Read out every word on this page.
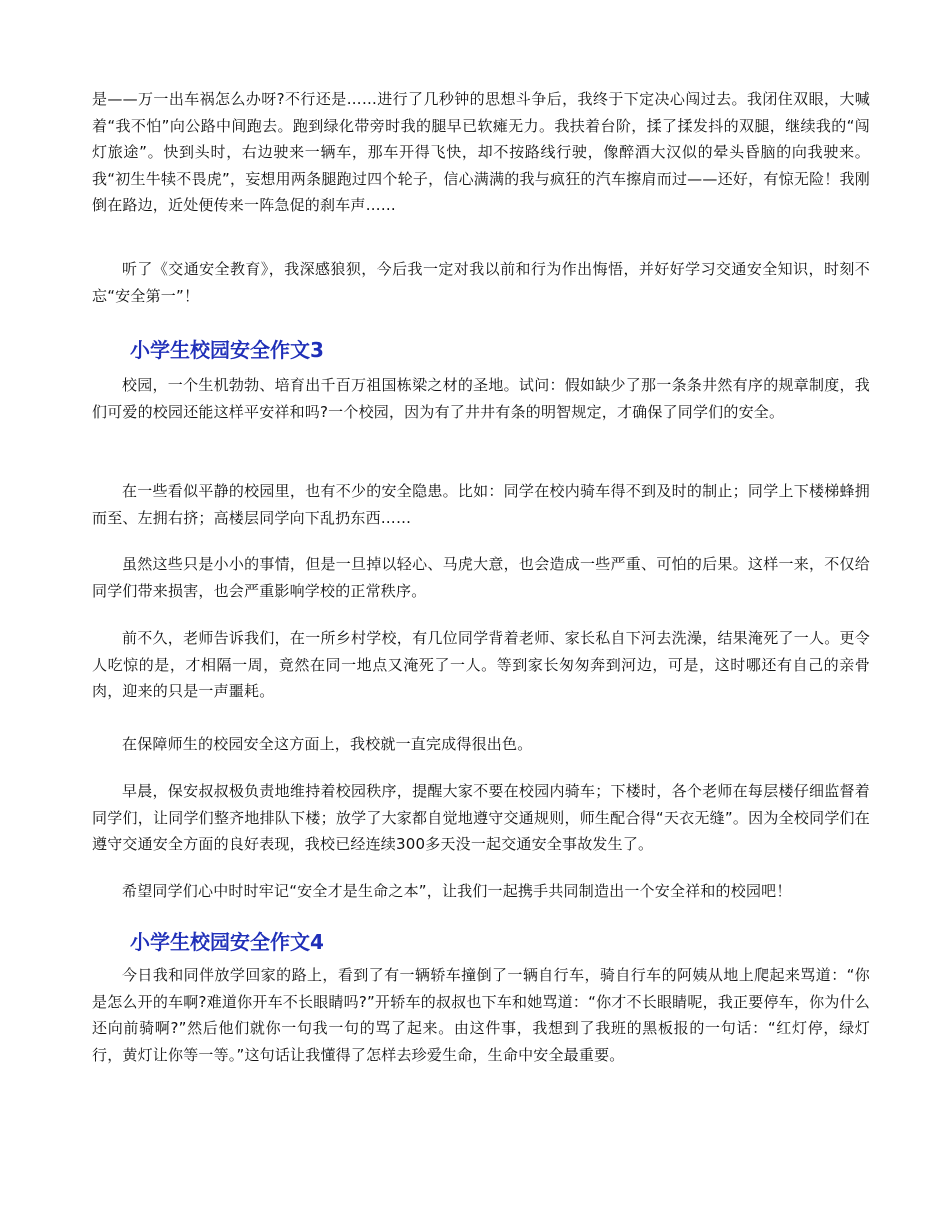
是——万一出车祸怎么办呀?不行还是……进行了几秒钟的思想斗争后，我终于下定决心闯过去。我闭住双眼，大喊着“我不怕”向公路中间跑去。跑到绿化带旁时我的腿早已软瘫无力。我扶着台阶，揉了揉发抖的双腿，继续我的“闯灯旅途”。快到头时，右边驶来一辆车，那车开得飞快，却不按路线行驶，像醉酒大汉似的晕头昏脑的向我驶来。我“初生牛犊不畏虎”，妄想用两条腿跑过四个轮子，信心满满的我与疯狂的汽车擦肩而过——还好，有惊无险！我刚倒在路边，近处便传来一阵急促的刹车声……

听了《交通安全教育》，我深感狼狈，今后我一定对我以前和行为作出悔悟，并好好学习交通安全知识，时刻不忘“安全第一”！

小学生校园安全作文3

校园，一个生机勃勃、培育出千百万祖国栋梁之材的圣地。试问：假如缺少了那一条条井然有序的规章制度，我们可爱的校园还能这样平安祥和吗?一个校园，因为有了井井有条的明智规定，才确保了同学们的安全。

在一些看似平静的校园里，也有不少的安全隐患。比如：同学在校内骑车得不到及时的制止；同学上下楼梯蜂拥而至、左拥右挤；高楼层同学向下乱扔东西……

虽然这些只是小小的事情，但是一旦掉以轻心、马虎大意，也会造成一些严重、可怕的后果。这样一来，不仅给同学们带来损害，也会严重影响学校的正常秩序。

前不久，老师告诉我们，在一所乡村学校，有几位同学背着老师、家长私自下河去洗澡，结果淹死了一人。更令人吃惊的是，才相隔一周，竟然在同一地点又淹死了一人。等到家长匆匆奔到河边，可是，这时哪还有自己的亲骨肉，迎来的只是一声噩耗。

在保障师生的校园安全这方面上，我校就一直完成得很出色。

早晨，保安叔叔极负责地维持着校园秩序，提醒大家不要在校园内骑车；下楼时，各个老师在每层楼仔细监督着同学们，让同学们整齐地排队下楼；放学了大家都自觉地遵守交通规则，师生配合得“天衣无缝”。因为全校同学们在遵守交通安全方面的良好表现，我校已经连续300多天没一起交通安全事故发生了。

希望同学们心中时时牢记“安全才是生命之本”，让我们一起携手共同制造出一个安全祥和的校园吧！

小学生校园安全作文4

今日我和同伴放学回家的路上，看到了有一辆轿车撞倒了一辆自行车，骑自行车的阿姨从地上爬起来骂道：“你是怎么开的车啊?难道你开车不长眼睛吗?”开轿车的叔叔也下车和她骂道：“你才不长眼睛呢，我正要停车，你为什么还向前骑啊?”然后他们就你一句我一句的骂了起来。由这件事，我想到了我班的黑板报的一句话：“红灯停，绿灯行，黄灯让你等一等。”这句话让我懂得了怎样去珍爱生命，生命中安全最重要。
